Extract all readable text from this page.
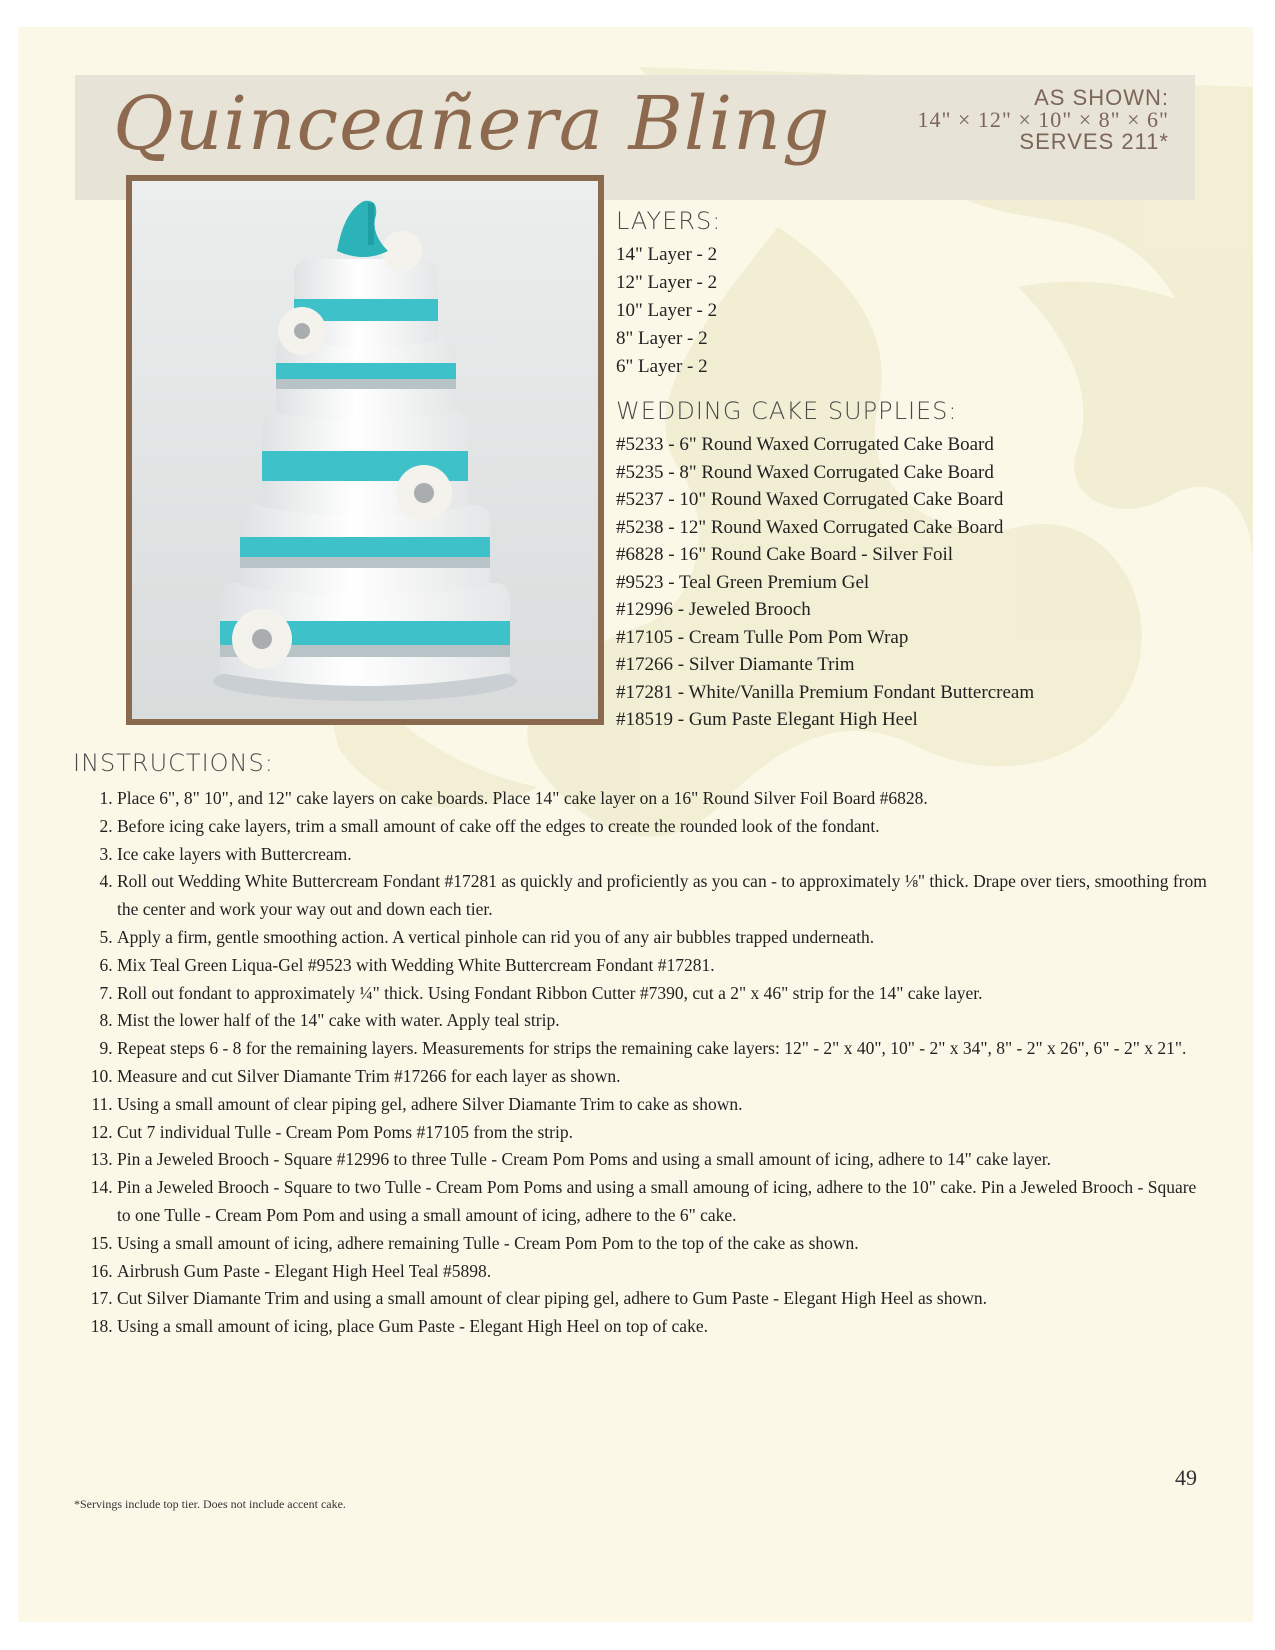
Quinceañera Bling	AS SHOWN:
14" × 12" × 10" × 8" × 6"
SERVES 211*
LAYERS:
14" Layer - 2
12" Layer - 2
10" Layer - 2
8" Layer - 2
6" Layer - 2
WEDDING CAKE SUPPLIES:
#5233 - 6" Round Waxed Corrugated Cake Board
#5235 - 8" Round Waxed Corrugated Cake Board
#5237 - 10" Round Waxed Corrugated Cake Board
#5238 - 12" Round Waxed Corrugated Cake Board
#6828 - 16" Round Cake Board - Silver Foil
#9523 - Teal Green Premium Gel
#12996 - Jeweled Brooch
#17105 - Cream Tulle Pom Pom Wrap
#17266 - Silver Diamante Trim
#17281 - White/Vanilla Premium Fondant Buttercream
#18519 - Gum Paste Elegant High Heel
INSTRUCTIONS:
1. Place 6", 8" 10", and 12" cake layers on cake boards. Place 14" cake layer on a 16" Round Silver Foil Board #6828.
2. Before icing cake layers, trim a small amount of cake off the edges to create the rounded look of the fondant.
3. Ice cake layers with Buttercream.
4. Roll out Wedding White Buttercream Fondant #17281 as quickly and proficiently as you can - to approximately ⅛" thick. Drape over tiers, smoothing from the center and work your way out and down each tier.
5. Apply a firm, gentle smoothing action. A vertical pinhole can rid you of any air bubbles trapped underneath.
6. Mix Teal Green Liqua-Gel #9523 with Wedding White Buttercream Fondant #17281.
7. Roll out fondant to approximately ¼" thick. Using Fondant Ribbon Cutter #7390, cut a 2" x 46" strip for the 14" cake layer.
8. Mist the lower half of the 14" cake with water. Apply teal strip.
9. Repeat steps 6 - 8 for the remaining layers. Measurements for strips the remaining cake layers: 12" - 2" x 40", 10" - 2" x 34", 8" - 2" x 26", 6" - 2" x 21".
10. Measure and cut Silver Diamante Trim #17266 for each layer as shown.
11. Using a small amount of clear piping gel, adhere Silver Diamante Trim to cake as shown.
12. Cut 7 individual Tulle - Cream Pom Poms #17105 from the strip.
13. Pin a Jeweled Brooch - Square #12996 to three Tulle - Cream Pom Poms and using a small amount of icing, adhere to 14" cake layer.
14. Pin a Jeweled Brooch - Square to two Tulle - Cream Pom Poms and using a small amoung of icing, adhere to the 10" cake. Pin a Jeweled Brooch - Square to one Tulle - Cream Pom Pom and using a small amount of icing, adhere to the 6" cake.
15. Using a small amount of icing, adhere remaining Tulle - Cream Pom Pom to the top of the cake as shown.
16. Airbrush Gum Paste - Elegant High Heel Teal #5898.
17. Cut Silver Diamante Trim and using a small amount of clear piping gel, adhere to Gum Paste - Elegant High Heel as shown.
18. Using a small amount of icing, place Gum Paste - Elegant High Heel on top of cake.
49
*Servings include top tier. Does not include accent cake.
